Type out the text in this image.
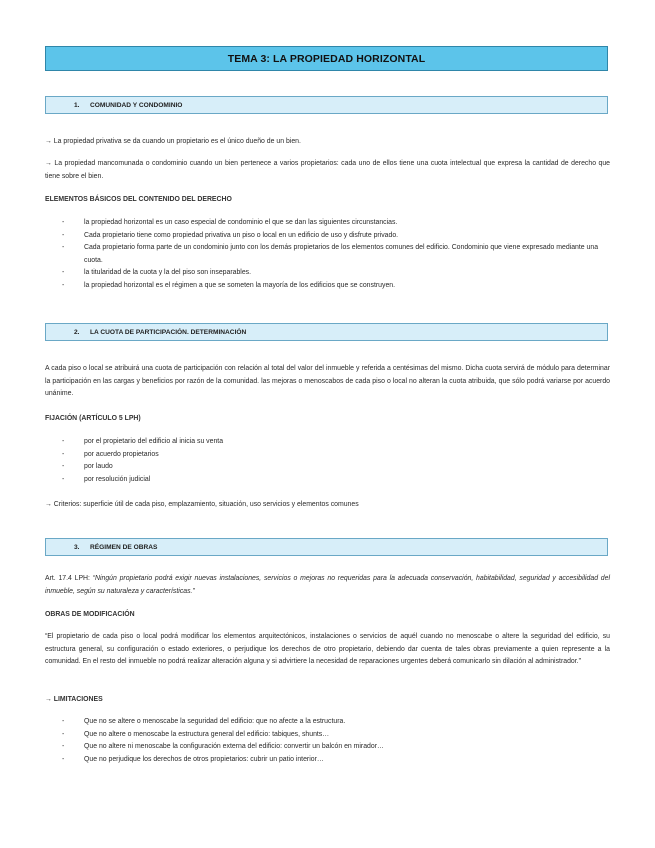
TEMA 3: LA PROPIEDAD HORIZONTAL
1. COMUNIDAD Y CONDOMINIO
→ La propiedad privativa se da cuando un propietario es el único dueño de un bien.
→ La propiedad mancomunada o condominio cuando un bien pertenece a varios propietarios: cada uno de ellos tiene una cuota intelectual que expresa la cantidad de derecho que tiene sobre el bien.
ELEMENTOS BÁSICOS DEL CONTENIDO DEL DERECHO
-	la propiedad horizontal es un caso especial de condominio el que se dan las siguientes circunstancias.
-	Cada propietario tiene como propiedad privativa un piso o local en un edificio de uso y disfrute privado.
-	Cada propietario forma parte de un condominio junto con los demás propietarios de los elementos comunes del edificio. Condominio que viene expresado mediante una cuota.
-	la titularidad de la cuota y la del piso son inseparables.
-	la propiedad horizontal es el régimen a que se someten la mayoría de los edificios que se construyen.
2. LA CUOTA DE PARTICIPACIÓN. DETERMINACIÓN
A cada piso o local se atribuirá una cuota de participación con relación al total del valor del inmueble y referida a centésimas del mismo. Dicha cuota servirá de módulo para determinar la participación en las cargas y beneficios por razón de la comunidad. las mejoras o menoscabos de cada piso o local no alteran la cuota atribuida, que sólo podrá variarse por acuerdo unánime.
FIJACIÓN (ARTÍCULO 5 LPH)
-	por el propietario del edificio al inicia su venta
-	por acuerdo propietarios
-	por laudo
-	por resolución judicial
→ Criterios: superficie útil de cada piso, emplazamiento, situación, uso servicios y elementos comunes
3. RÉGIMEN DE OBRAS
Art. 17.4 LPH: “Ningún propietario podrá exigir nuevas instalaciones, servicios o mejoras no requeridas para la adecuada conservación, habitabilidad, seguridad y accesibilidad del inmueble, según su naturaleza y características.”
OBRAS DE MODIFICACIÓN
“El propietario de cada piso o local podrá modificar los elementos arquitectónicos, instalaciones o servicios de aquél cuando no menoscabe o altere la seguridad del edificio, su estructura general, su configuración o estado exteriores, o perjudique los derechos de otro propietario, debiendo dar cuenta de tales obras previamente a quien represente a la comunidad. En el resto del inmueble no podrá realizar alteración alguna y si advirtiere la necesidad de reparaciones urgentes deberá comunicarlo sin dilación al administrador.”
→ LIMITACIONES
-	Que no se altere o menoscabe la seguridad del edificio: que no afecte a la estructura.
-	Que no altere o menoscabe la estructura general del edificio: tabiques, shunts…
-	Que no altere ni menoscabe la configuración externa del edificio: convertir un balcón en mirador…
-	Que no perjudique los derechos de otros propietarios: cubrir un patio interior…
